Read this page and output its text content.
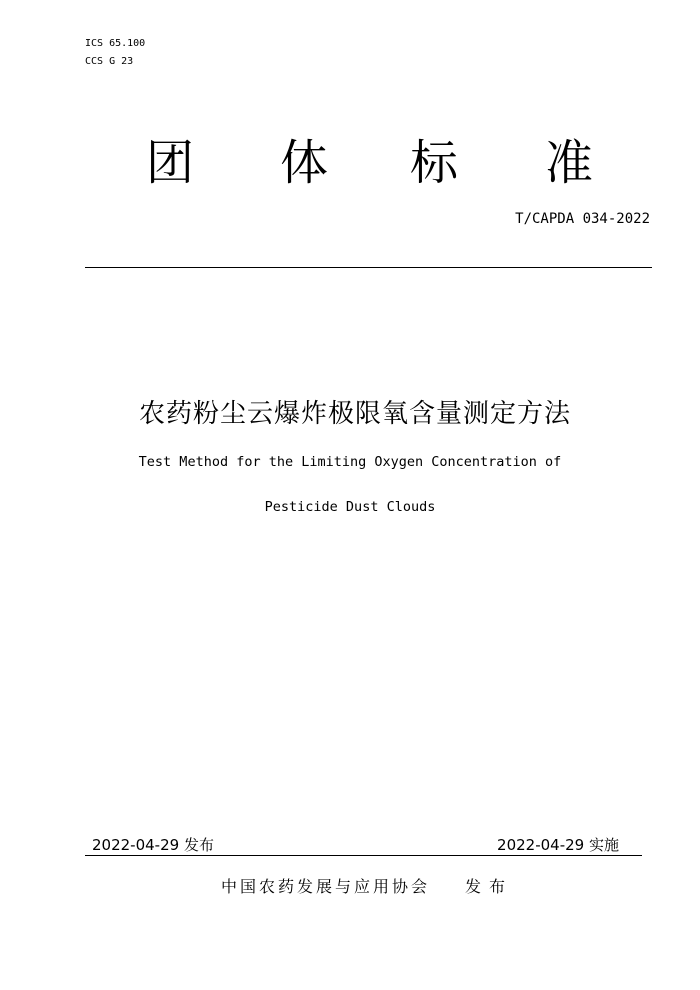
ICS 65.100
CCS G 23
团 体 标 准
T/CAPDA 034-2022
农药粉尘云爆炸极限氧含量测定方法
Test Method for the Limiting Oxygen Concentration of
Pesticide Dust Clouds
2022-04-29 发布	2022-04-29 实施
中国农药发展与应用协会 发布
